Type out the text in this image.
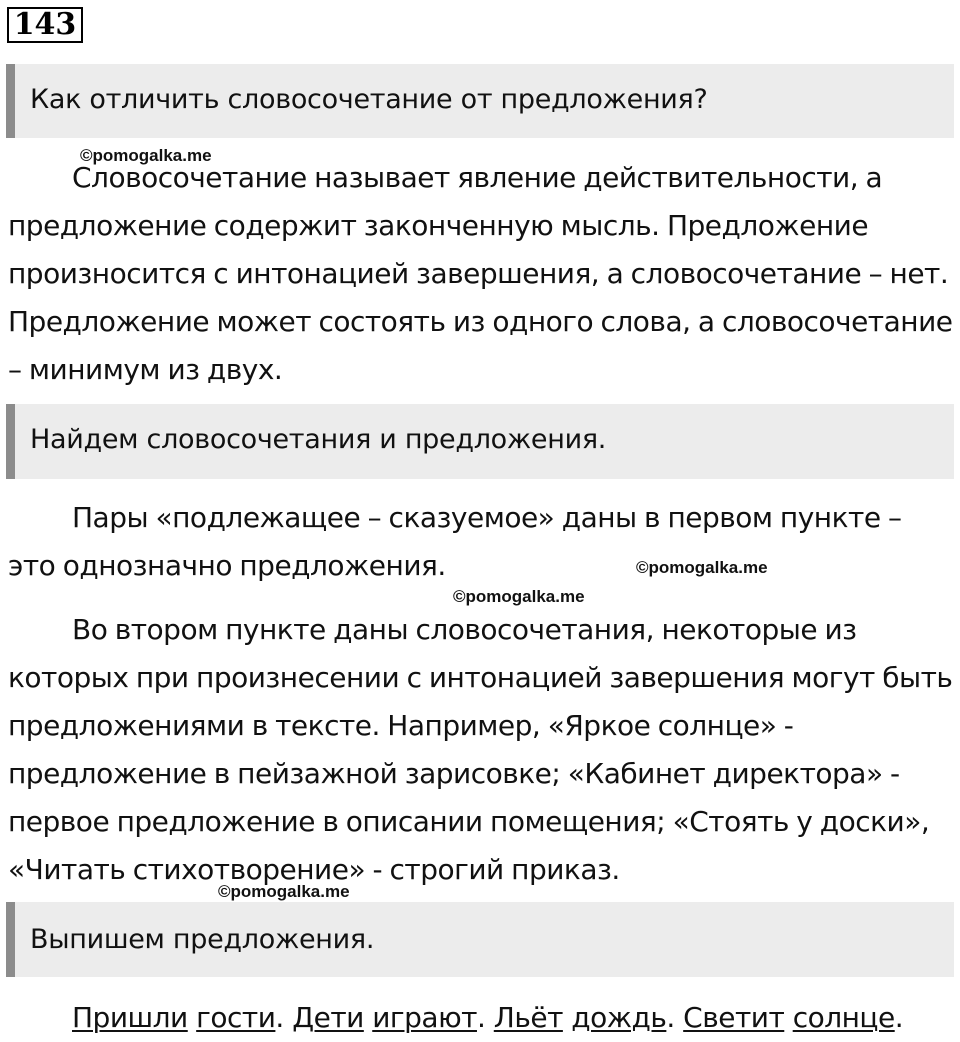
143
Как отличить словосочетание от предложения?
©pomogalka.me

Словосочетание называет явление действительности, а предложение содержит законченную мысль. Предложение произносится с интонацией завершения, а словосочетание – нет. Предложение может состоять из одного слова, а словосочетание – минимум из двух.

Найдем словосочетания и предложения.

Пары «подлежащее – сказуемое» даны в первом пункте – это однозначно предложения.	©pomogalka.me
©pomogalka.me

Во втором пункте даны словосочетания, некоторые из которых при произнесении с интонацией завершения могут быть предложениями в тексте. Например, «Яркое солнце» - предложение в пейзажной зарисовке; «Кабинет директора» - первое предложение в описании помещения; «Стоять у доски», «Читать стихотворение» - строгий приказ.

©pomogalka.me
Выпишем предложения.
Пришли гости. Дети играют. Льёт дождь. Светит солнце.
